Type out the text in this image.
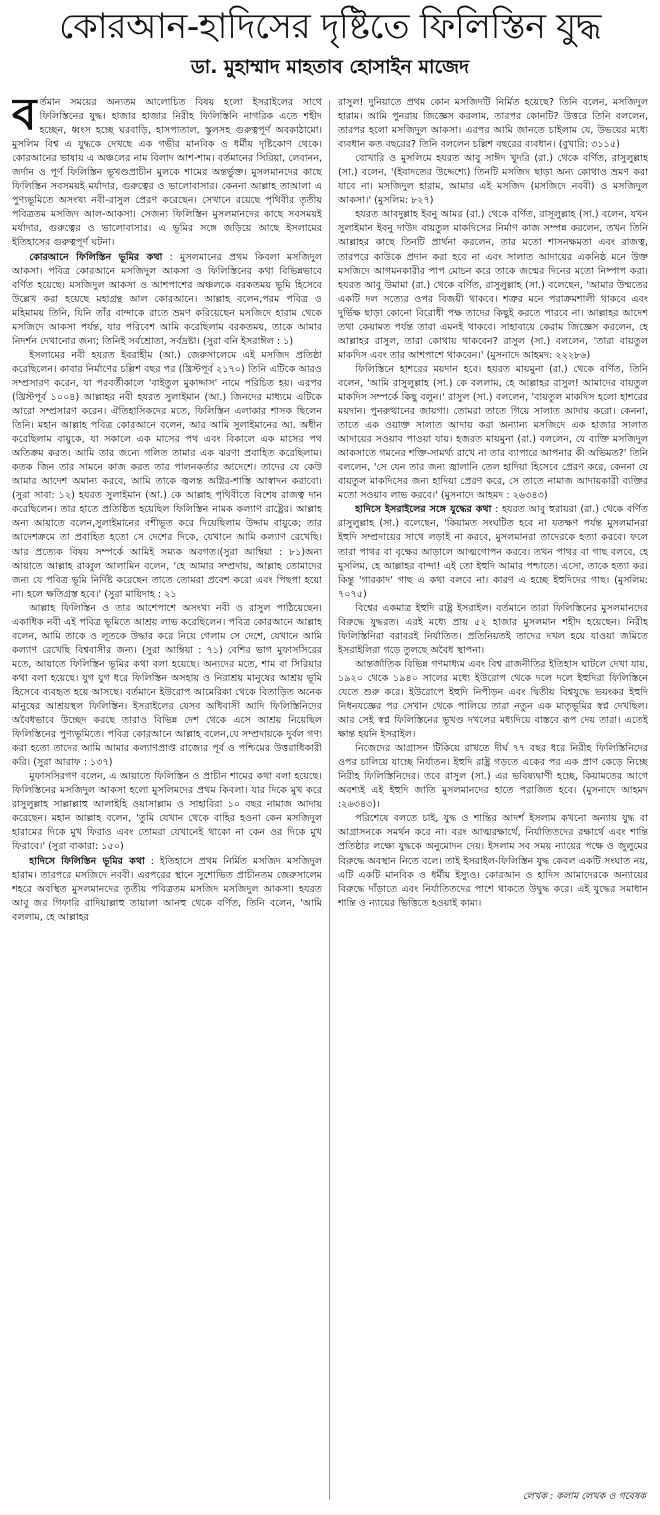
কোরআন-হাদিসের দৃষ্টিতে ফিলিস্তিন যুদ্ধ
ডা. মুহাম্মাদ মাহতাব হোসাইন মাজেদ

বর্তমান সময়ের অন্যতম আলোচিত বিষয় হলো ইসরাইলের সাথে ফিলিস্তিনের যুদ্ধ। হাজার হাজার নিরীহ ফিলিস্তিনি নাগরিক এতে শহীদ হচ্ছেন, ধ্বংস হচ্ছে ঘরবাড়ি, হাসপাতাল, স্কুলসহ গুরুত্বপূর্ণ অবকাঠামো। মুসলিম বিশ্ব এ যুদ্ধকে দেখছে এক গভীর মানবিক ও ধর্মীয় দৃষ্টিকোণ থেকে। কোরআনের ভাষায় এ অঞ্চলের নাম বিলাদ আশ-শাম। বর্তমানের সিরিয়া, লেবানন, জর্দান ও পূর্ণ ফিলিস্তিন ভূখণ্ডপ্রাচীন মুলকে শামের অন্তর্ভুক্ত। মুসলমানদের কাছে ফিলিস্তিন সবসময়ই মর্যাদার, গুরুত্বের ও ভালোবাসার। কেননা আল্লাহ তাআলা এ পুণ্যভূমিতে অসংখ্য নবী-রাসুল প্রেরণ করেছেন। সেখানে রয়েছে পৃথিবীর তৃতীয় পবিত্রতম মসজিদ আল-আকসা। সেজন্য ফিলিস্তিন মুসলমানদের কাছে সবসময়ই মর্যাদার, গুরুত্বের ও ভালোবাসার। এ ভূমির সঙ্গে জড়িয়ে আছে ইসলামের ইতিহাসের গুরুত্বপূর্ণ ঘটনা।

কোরআনে ফিলিস্তিন ভূমির কথা : মুসলমানের প্রথম কিবলা মসজিদুল আকসা। পবিত্র কোরআনে মসজিদুল আকসা ও ফিলিস্তিনের কথা বিভিন্নভাবে বর্ণিত হয়েছে। মসজিদুল আকসা ও আশপাশের অঞ্চলকে বরকতময় ভূমি হিসেবে উল্লেখ করা হয়েছে মহাগ্রন্থ আল কোরআনে। আল্লাহ বলেন,পরম পবিত্র ও মহিমাময় তিনি, যিনি তাঁর বান্দাকে রাতে ভ্রমণ করিয়েছেন মসজিদে হারাম থেকে মসজিদে আকসা পর্যন্ত, যার পরিবেশ আমি করেছিলাম বরকতময়, তাকে আমার নিদর্শন দেখানোর জন্য; তিনিই সর্বশ্রোতা, সর্বদ্রষ্টা। (সুরা বনি ইসরাঈল : ১)

ইসলামের নবী হযরত ইবরাহীম (আ.) জেরুসালেমে এই মসজিদ প্রতিষ্ঠা করেছিলেন। কাবার নির্মাণের চল্লিশ বছর পর (খ্রিস্টপূর্ব ২১৭০) তিনি এটিকে আরও সম্প্রসারণ করেন, যা পরবর্তীকালে 'বাইতুল মুকাদ্দাস' নামে পরিচিত হয়। এরপর (খ্রিস্টপূর্ব ১০০৪) আল্লাহর নবী হযরত সুলাইমান (আ.) জিনদের মাধ্যমে এটিকে আরো সম্প্রসারণ করেন। ঐতিহাসিকদের মতে, ফিলিস্তিন এলাকার শাসক ছিলেন তিনি। মহান আল্লাহ পবিত্র কোরআনে বলেন, আর আমি সুলাইমানের আ. অধীন করেছিলাম বায়ুকে, যা সকালে এক মাসের পথ এবং বিকালে এক মাসের পথ অতিক্রম করত। আমি তার জন্যে গলিত তামার এক ঝরণা প্রবাহিত করেছিলাম। কতক জিন তার সামনে কাজ করত তার পালনকর্তার আদেশে। তাদের যে কেউ আমার আদেশ অমান্য করবে, আমি তাকে জ্বলন্ত অগ্নির-শাস্তি আস্বাদন করাবো। (সুরা সাবা: ১২) হযরত সুলাইমান (আ.) কে আল্লাহ পৃথিবীতে বিশেষ রাজত্ব দান করেছিলেন। তার হাতে প্রতিষ্ঠিত হয়েছিল ফিলিস্তিন নামক কল্যাণ রাষ্ট্রের। আল্লাহ অন্য আয়াতে বলেন,সুলাইমানের বশীভূত করে দিয়েছিলাম উদ্দাম বায়ুকে; তার আদেশক্রমে তা প্রবাহিত হতো সে দেশের দিকে, যেখানে আমি কল্যাণ রেখেছি। আর প্রত্যেক বিষয় সম্পর্কে আমিই সম্যক অবগত।(সুরা আম্বিয়া : ৮১)অন্য আয়াতে আল্লাহ রাব্বুল আলামিন বলেন, 'হে আমার সম্প্রদায়, আল্লাহ তোমাদের জন্য যে পবিত্র ভূমি নির্দিষ্ট করেছেন তাতে তোমরা প্রবেশ করো এবং পিছপা হয়ো না। হলে ক্ষতিগ্রস্ত হবে।' (সুরা মায়িদাহ : ২১

আল্লাহ ফিলিস্তিন ও তার আশেপাশে অসংখ্য নবী ও রাসুল পাঠিয়েছেন। একাধিক নবী এই পবিত্র ভূমিতে আশ্রয় লাভ করেছিলেন। পবিত্র কোরআনে আল্লাহ বলেন, আমি তাকে ও লূতকে উদ্ধার করে নিয়ে গেলাম সে দেশে, যেখানে আমি কল্যাণ রেখেছি বিশ্ববাসীর জন্য। (সুরা আম্বিয়া : ৭১) বেশির ভাগ মুফাসসিরের মতে, আয়াতে ফিলিস্তিন ভূমির কথা বলা হয়েছে। অন্যদের মতে, শাম বা সিরিয়ার কথা বলা হয়েছে। যুগ যুগ ধরে ফিলিস্তিন অসহায় ও নিরাশ্রয় মানুষের আশ্রয় ভূমি হিসেবে ব্যবহৃত হয়ে আসছে। বর্তমানে ইউরোপ আমেরিকা থেকে বিতাড়িত অনেক মানুষের আশ্রয়স্থল ফিলিস্তিন। ইসরাইলের যেসব অধিবাসী আদি ফিলিস্তিনিদের অবৈধভাবে উচ্ছেদ করছে তারাও বিভিন্ন দেশ থেকে এসে আশ্রয় নিয়েছিল ফিলিস্তিনের পুণ্যভূমিতে। পবিত্র কোরআনে আল্লাহ বলেন,যে সম্প্রদায়কে দুর্বল গণ্য করা হতো তাদের আমি আমার কল্যাণপ্রাপ্ত রাজ্যের পূর্ব ও পশ্চিমের উত্তরাধিকারী করি। (সুরা আরাফ : ১৩৭)

মুফাসসিরগণ বলেন, এ আয়াতে ফিলিস্তিন ও প্রাচীন শামের কথা বলা হয়েছে। ফিলিস্তিনের মসজিদুল আকসা হলো মুসলিমদের প্রথম কিবলা। যার দিকে মুখ করে রাসুলুল্লাহ সাল্লাল্লাহু আলাইহি ওয়াসাল্লাম ও সাহাবিরা ১০ বছর নামাজ আদায় করেছেন। মহান আল্লাহ বলেন, 'তুমি যেখান থেকে বাহির হওনা কেন মসজিদুল হারামের দিকে মুখ ফিরাও এবং তোমরা যেখানেই থাকো না কেন ওর দিকে মুখ ফিরাবে।' (সুরা বাকারা: ১৫০)

হাদিসে ফিলিস্তিন ভূমির কথা : ইতিহাসে প্রথম নির্মিত মসজিদ মসজিদুল হারাম। তারপরে মসজিদে নববী। এরপরের স্থানে সুশোভিত প্রাচীনতম জেরুসালেম শহরে অবস্থিত মুসলমানদের তৃতীয় পবিত্রতম মসজিদ মসজিদুল আকসা। হযরত আবু জর গিফারি রাদিয়াল্লাহু তায়ালা আনহু থেকে বর্ণিত, তিনি বলেন, 'আমি বললাম, হে আল্লাহর

রাসুল! দুনিয়াতে প্রথম কোন মসজিদটি নির্মিত হয়েছে? তিনি বলেন, মসজিদুল হারাম। আমি পুনরায় জিজ্ঞেস করলাম, তারপর কোনটি? উত্তরে তিনি বললেন, তারপর হলো মসজিদুল আকসা। এরপর আমি জানতে চাইলাম যে, উভয়ের মধ্যে ব্যবধান কত বছরের? তিনি বললেন চল্লিশ বছরের ব্যবধান। (বুখারি: ৩১১৫)

বোখারি ও মুসলিমে হযরত আবু সাঈদ খুদরি (রা.) থেকে বর্ণিত, রাসুলুল্লাহ (সা.) বলেন, '(ইবাদতের উদ্দেশ্যে) তিনটি মসজিদ ছাড়া অন্য কোথাও ভ্রমণ করা যাবে না। মসজিদুল হারাম, আমার এই মসজিদ (মসজিদে নববী) ও মসজিদুল আকসা।' (মুসলিম: ৮২৭)

হযরত আবদুল্লাহ ইবনু আমর (রা.) থেকে বর্ণিত, রাসূলুল্লাহ (সা.) বলেন, যখন সুলাইমান ইবনু দাউদ বায়তুল মাকদিসের নির্মাণ কাজ সম্পন্ন করলেন, তখন তিনি আল্লাহর কাছে তিনটি প্রার্থনা করলেন, তার মতো শাসনক্ষমতা এবং রাজত্ব, তারপরে কাউকে প্রদান করা হবে না এবং সালাত আদায়ের একনিষ্ঠ মনে উক্ত মসজিদে আগমনকারীর পাপ মোচন করে তাকে জন্মের দিনের মতো নিষ্পাপ করা। হযরত আবু উমামা (রা.) থেকে বর্ণিত, রাসুলুল্লাহ (সা.) বলেছেন, 'আমার উম্মতের একটি দল সত্যের ওপর বিজয়ী থাকবে। শত্রুর মনে পরাক্রমশালী থাকবে এবং দুর্ভিক্ষ ছাড়া কোনো বিরোধী পক্ষ তাদের কিছুই করতে পারবে না। আল্লাহর আদেশ তথা কেয়ামত পর্যন্ত তারা এমনই থাকবে। সাহাবায়ে কেরাম জিজ্ঞেস করলেন, হে আল্লাহর রাসুল, তারা কোথায় থাকবেন? রাসুল (সা.) বললেন, 'তারা বায়তুল মাকদিস এবং তার আশপাশে থাকবেন।' (মুসনাদে আহমদ: ২২২৮৬)

ফিলিস্তিনে হাশরের ময়দান হবে। হযরত মায়মুনা (রা.) থেকে বর্ণিত, তিনি বলেন, 'আমি রাসুলুল্লাহ (সা.) কে বললাম, হে আল্লাহর রাসুল! আমাদের বায়তুল মাকদিস সম্পর্কে কিছু বলুন।' রাসুল (সা.) বললেন, 'বায়তুল মাকদিস হলো হাশরের ময়দান। পুনরুত্থানের জায়গা। তোমরা তাতে গিয়ে সালাত আদায় করো। কেননা, তাতে এক ওয়াক্ত সালাত আদায় করা অন্যান্য মসজিদে এক হাজার সালাত আদায়ের সওয়াব পাওয়া যায়। হজরত মায়মুনা (রা.) বললেন, যে ব্যক্তি মসজিদুল আকসাতে গমনের শক্তি-সামর্থ্য রাখে না তার ব্যাপারে আপনার কী অভিমত?' তিনি বললেন, 'সে যেন তার জন্য জ্বালানি তেল হাদিয়া হিসেবে প্রেরণ করে, কেননা যে বায়তুল মাকদিসের জন্য হাদিয়া প্রেরণ করে, সে তাতে নামাজ আদায়কারী ব্যক্তির মতো সওয়াব লাভ করবে।' (মুসনাদে আহমদ : ২৬৩৪৩)

হাদিসে ইসরাইলের সঙ্গে যুদ্ধের কথা : হযরত আবু হুরায়রা (রা.) থেকে বর্ণিত রাসুলুল্লাহ (সা.) বলেছেন, 'কিয়ামত সংঘটিত হবে না যতক্ষণ পর্যন্ত মুসলমানরা ইহুদি সম্প্রদায়ের সাথে লড়াই না করবে, মুসলমানরা তাদেরকে হত্যা করবে। ফলে তারা পাথর বা বৃক্ষের আড়ালে আত্মগোপন করবে। তখন পাথর বা গাছ বলবে, হে মুসলিম, হে আল্লাহর বান্দা! এই তো ইহুদি আমার পশ্চাতে। এসো, তাকে হত্যা কর। কিন্তু 'গারকাদ' গাছ এ কথা বলবে না। কারণ এ হচ্ছে ইহুদিদের গাছ। (মুসলিম: ৭০৭৫)

বিশ্বের একমাত্র ইহুদি রাষ্ট্র ইসরাইল। বর্তমানে তারা ফিলিস্তিনের মুসলমানদের বিরুদ্ধে যুদ্ধরত। এরই মধ্যে প্রায় ৫২ হাজার মুসলমান শহীদ হয়েছেন। নিরীহ ফিলিস্তিনিরা বরাবরই নির্যাতিত। প্রতিনিয়তই তাদের দখল হয়ে যাওয়া জমিতে ইসরাইলিরা গড়ে তুলছে অবৈধ স্থাপনা।

আন্তর্জাতিক বিভিন্ন গণমাধ্যম এবং বিশ্ব রাজনীতির ইতিহাস ঘাটলে দেখা যায়, ১৯২০ থেকে ১৯৪০ সালের মধ্যে ইউরোপ থেকে দলে দলে ইহুদিরা ফিলিস্তিনে যেতে শুরু করে। ইউরোপে ইহুদি নিপীড়ন এবং দ্বিতীয় বিশ্বযুদ্ধে ভয়ংকর ইহুদি নিধনযজ্ঞের পর সেখান থেকে পালিয়ে তারা নতুন এক মাতৃভূমির স্বপ্ন দেখছিল। আর সেই স্বপ্ন ফিলিস্তিনের ভূখণ্ড দখলের মধ্যদিয়ে বাস্তবে রূপ দেয় তারা। এতেই ক্ষান্ত হয়নি ইসরাইল।

নিজেদের আগ্রাসন টিকিয়ে রাখতে দীর্ঘ ৭৭ বছর ধরে নিরীহ ফিলিস্তিনিদের ওপর চালিয়ে যাচ্ছে নির্যাতন। ইহুদি রাষ্ট্র গড়তে একের পর এক প্রাণ কেড়ে নিচ্ছে নিরীহ ফিলিস্তিনিদের। তবে রাসুল (সা.) এর ভবিষ্যদ্বাণী হচ্ছে, কিয়ামতের আগে অবশ্যই এই ইহুদি জাতি মুসলমানদের হাতে পরাজিত হবে। (মুসনাদে আহমদ :২৬৩৪৩)।

পরিশেষে বলতে চাই, যুদ্ধ ও শান্তির আদর্শ ইসলাম কখনো অন্যায় যুদ্ধ বা আগ্রাসনকে সমর্থন করে না। বরং আত্মরক্ষার্থে, নির্যাতিতদের রক্ষার্থে এবং শান্তি প্রতিষ্ঠার লক্ষ্যে যুদ্ধকে অনুমোদন দেয়। ইসলাম সব সময় ন্যায়ের পক্ষে ও জুলুমের বিরুদ্ধে অবস্থান নিতে বলে। তাই ইসরাইল-ফিলিস্তিন যুদ্ধ কেবল একটি সংঘাত নয়, এটি একটি মানবিক ও ধর্মীয় ইস্যুও। কোরআন ও হাদিস আমাদেরকে অন্যায়ের বিরুদ্ধে দাঁড়াতে এবং নির্যাতিতদের পাশে থাকতে উদ্বুদ্ধ করে। এই যুদ্ধের সমাধান শান্তি ও ন্যায়ের ভিত্তিতে হওয়াই কাম্য।

লেখক : কলাম লেখক ও গবেষক
